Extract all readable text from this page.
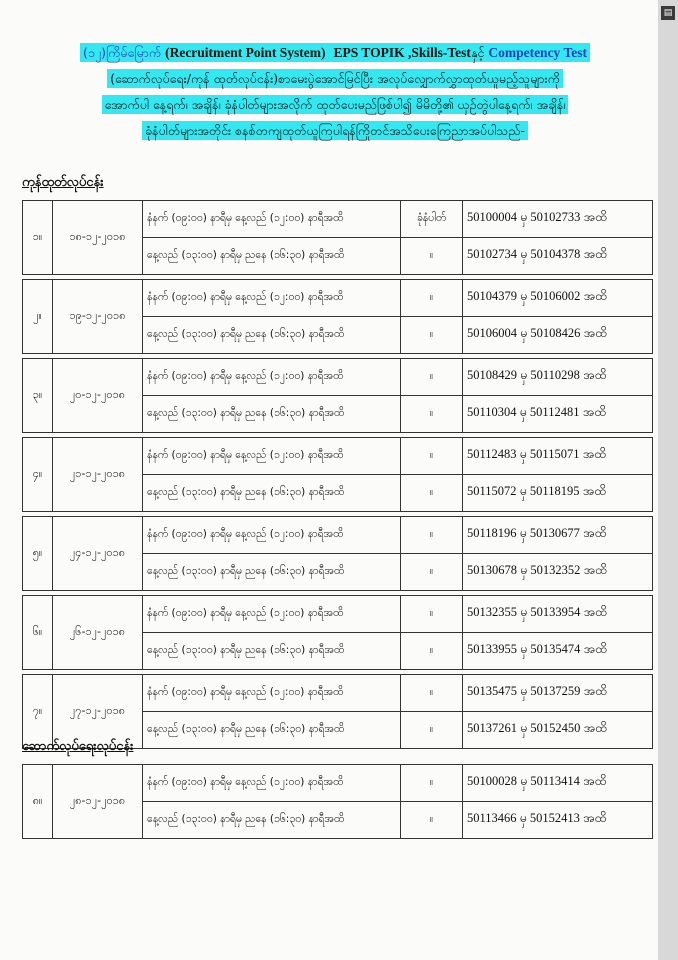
(၁၂)ကြိမ်မြောက် (Recruitment Point System) EPS TOPIK ,Skills-Testနှင့် Competency Test
(ဆောက်လုပ်ရေး/ကုန် ထုတ်လုပ်ငန်း)စာမေးပွဲအောင်မြင်ပြီး အလုပ်လျှောက်လွှာထုတ်ယူမည့်သူများကို
အောက်ပါ နေ့ရက်၊ အချိန်၊ ခုံနံပါတ်များအလိုက် ထုတ်ပေးမည်ဖြစ်ပါ၍ မိမိတို့၏ ယှဉ်တွဲပါနေ့ရက်၊ အချိန်၊
ခုံနံပါတ်များအတိုင်း စနစ်တကျထုတ်ယူကြပါရန်ကြိုတင်အသိပေးကြေညာအပ်ပါသည်-
ကုန်ထုတ်လုပ်ငန်း
၁။	၁၈-၁၂-၂၀၁၈	နံနက် (၀၉:၀၀) နာရီမှ နေ့လည် (၁၂:၀၀) နာရီအထိ	ခုံနံပါတ်	50100004 မှ 50102733 အထိ
		နေ့လည် (၁၃:၀၀) နာရီမှ ညနေ (၁၆:၃၀) နာရီအထိ	။	50102734 မှ 50104378 အထိ

၂။	၁၉-၁၂-၂၀၁၈	နံနက် (၀၉:၀၀) နာရီမှ နေ့လည် (၁၂:၀၀) နာရီအထိ	။	50104379 မှ 50106002 အထိ
		နေ့လည် (၁၃:၀၀) နာရီမှ ညနေ (၁၆:၃၀) နာရီအထိ	။	50106004 မှ 50108426 အထိ

၃။	၂၀-၁၂-၂၀၁၈	နံနက် (၀၉:၀၀) နာရီမှ နေ့လည် (၁၂:၀၀) နာရီအထိ	။	50108429 မှ 50110298 အထိ
		နေ့လည် (၁၃:၀၀) နာရီမှ ညနေ (၁၆:၃၀) နာရီအထိ	။	50110304 မှ 50112481 အထိ

၄။	၂၁-၁၂-၂၀၁၈	နံနက် (၀၉:၀၀) နာရီမှ နေ့လည် (၁၂:၀၀) နာရီအထိ	။	50112483 မှ 50115071 အထိ
		နေ့လည် (၁၃:၀၀) နာရီမှ ညနေ (၁၆:၃၀) နာရီအထိ	။	50115072 မှ 50118195 အထိ

၅။	၂၄-၁၂-၂၀၁၈	နံနက် (၀၉:၀၀) နာရီမှ နေ့လည် (၁၂:၀၀) နာရီအထိ	။	50118196 မှ 50130677 အထိ
		နေ့လည် (၁၃:၀၀) နာရီမှ ညနေ (၁၆:၃၀) နာရီအထိ	။	50130678 မှ 50132352 အထိ

၆။	၂၆-၁၂-၂၀၁၈	နံနက် (၀၉:၀၀) နာရီမှ နေ့လည် (၁၂:၀၀) နာရီအထိ	။	50132355 မှ 50133954 အထိ
		နေ့လည် (၁၃:၀၀) နာရီမှ ညနေ (၁၆:၃၀) နာရီအထိ	။	50133955 မှ 50135474 အထိ

၇။	၂၇-၁၂-၂၀၁၈	နံနက် (၀၉:၀၀) နာရီမှ နေ့လည် (၁၂:၀၀) နာရီအထိ	။	50135475 မှ 50137259 အထိ
		နေ့လည် (၁၃:၀၀) နာရီမှ ညနေ (၁၆:၃၀) နာရီအထိ	။	50137261 မှ 50152450 အထိ
ဆောက်လုပ်ရေးလုပ်ငန်း
၈။	၂၈-၁၂-၂၀၁၈	နံနက် (၀၉:၀၀) နာရီမှ နေ့လည် (၁၂:၀၀) နာရီအထိ	။	50100028 မှ 50113414 အထိ
		နေ့လည် (၁၃:၀၀) နာရီမှ ညနေ (၁၆:၃၀) နာရီအထိ	။	50113466 မှ 50152413 အထိ
▤
